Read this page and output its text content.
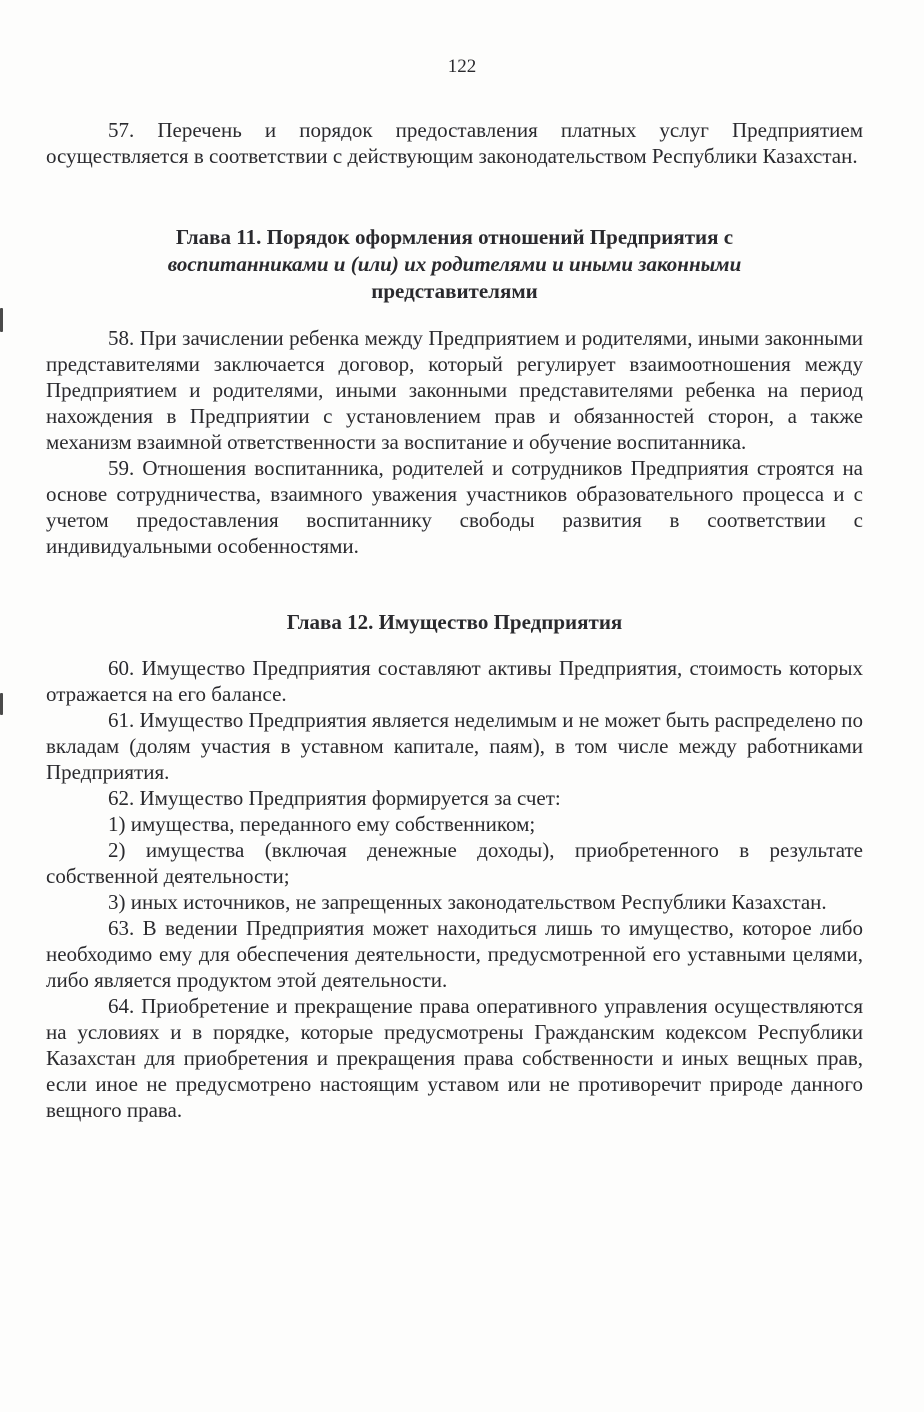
122

57. Перечень и порядок предоставления платных услуг Предприятием осуществляется в соответствии с действующим законодательством Республики Казахстан.

Глава 11. Порядок оформления отношений Предприятия с
воспитанниками и (или) их родителями и иными законными
представителями

58. При зачислении ребенка между Предприятием и родителями, иными законными представителями заключается договор, который регулирует взаимоотношения между Предприятием и родителями, иными законными представителями ребенка на период нахождения в Предприятии с установлением прав и обязанностей сторон, а также механизм взаимной ответственности за воспитание и обучение воспитанника.

59. Отношения воспитанника, родителей и сотрудников Предприятия строятся на основе сотрудничества, взаимного уважения участников образовательного процесса и с учетом предоставления воспитаннику свободы развития в соответствии с индивидуальными особенностями.

Глава 12. Имущество Предприятия

60. Имущество Предприятия составляют активы Предприятия, стоимость которых отражается на его балансе.

61. Имущество Предприятия является неделимым и не может быть распределено по вкладам (долям участия в уставном капитале, паям), в том числе между работниками Предприятия.

62. Имущество Предприятия формируется за счет:

1) имущества, переданного ему собственником;

2) имущества (включая денежные доходы), приобретенного в результате собственной деятельности;

3) иных источников, не запрещенных законодательством Республики Казахстан.

63. В ведении Предприятия может находиться лишь то имущество, которое либо необходимо ему для обеспечения деятельности, предусмотренной его уставными целями, либо является продуктом этой деятельности.

64. Приобретение и прекращение права оперативного управления осуществляются на условиях и в порядке, которые предусмотрены Гражданским кодексом Республики Казахстан для приобретения и прекращения права собственности и иных вещных прав, если иное не предусмотрено настоящим уставом или не противоречит природе данного вещного права.
